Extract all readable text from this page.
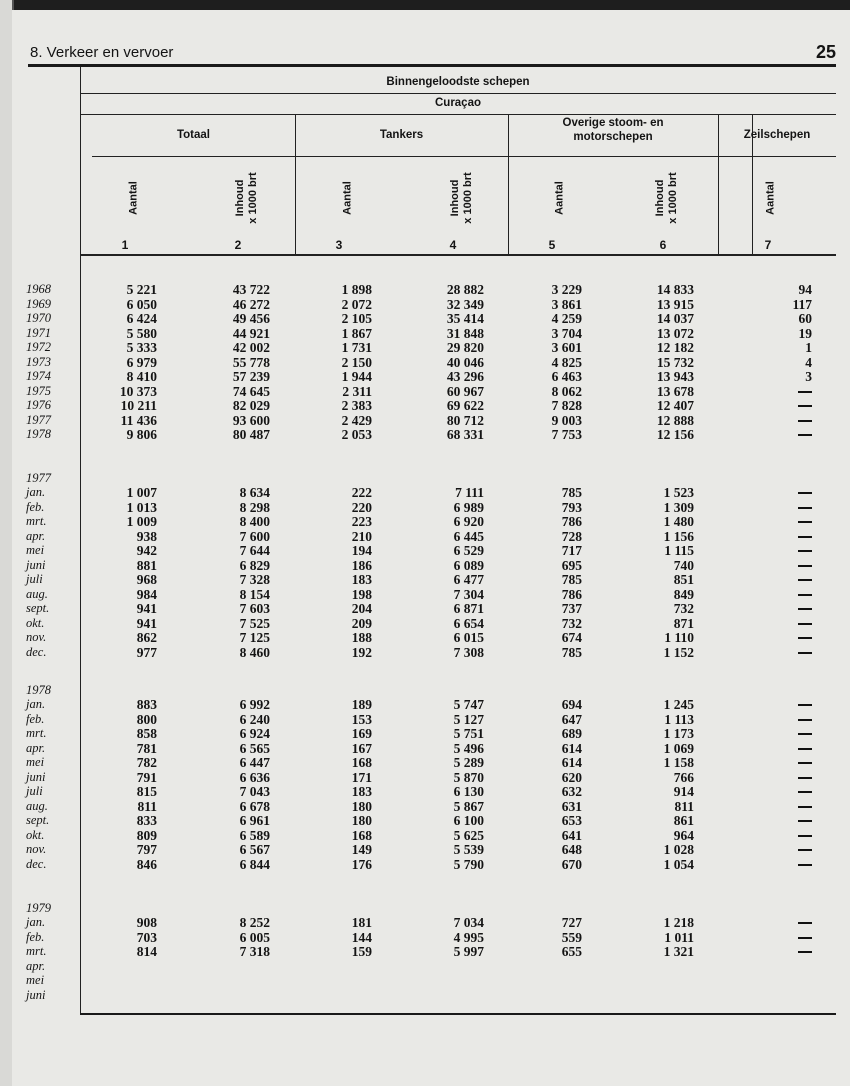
8. Verkeer en vervoer	25
Binnengeloodste schepen
Curaçao
Totaal	Tankers
Overige stoom- en
motorschepen	Zeilschepen
Aantal	Inhoud x 1000 brt	Aantal	Inhoud x 1000 brt	Aantal	Inhoud x 1000 brt	Aantal
1	2	3	4	5	6	7
1968	5 221	43 722	1 898	28 882	3 229	14 833	94
1969	6 050	46 272	2 072	32 349	3 861	13 915	117
1970	6 424	49 456	2 105	35 414	4 259	14 037	60
1971	5 580	44 921	1 867	31 848	3 704	13 072	19
1972	5 333	42 002	1 731	29 820	3 601	12 182	1
1973	6 979	55 778	2 150	40 046	4 825	15 732	4
1974	8 410	57 239	1 944	43 296	6 463	13 943	3
1975	10 373	74 645	2 311	60 967	8 062	13 678
1976	10 211	82 029	2 383	69 622	7 828	12 407
1977	11 436	93 600	2 429	80 712	9 003	12 888
1978	9 806	80 487	2 053	68 331	7 753	12 156
1977
jan.	1 007	8 634	222	7 111	785	1 523
feb.	1 013	8 298	220	6 989	793	1 309
mrt.	1 009	8 400	223	6 920	786	1 480
apr.	938	7 600	210	6 445	728	1 156
mei	942	7 644	194	6 529	717	1 115
juni	881	6 829	186	6 089	695	740
juli	968	7 328	183	6 477	785	851
aug.	984	8 154	198	7 304	786	849
sept.	941	7 603	204	6 871	737	732
okt.	941	7 525	209	6 654	732	871
nov.	862	7 125	188	6 015	674	1 110
dec.	977	8 460	192	7 308	785	1 152
1978
jan.	883	6 992	189	5 747	694	1 245
feb.	800	6 240	153	5 127	647	1 113
mrt.	858	6 924	169	5 751	689	1 173
apr.	781	6 565	167	5 496	614	1 069
mei	782	6 447	168	5 289	614	1 158
juni	791	6 636	171	5 870	620	766
juli	815	7 043	183	6 130	632	914
aug.	811	6 678	180	5 867	631	811
sept.	833	6 961	180	6 100	653	861
okt.	809	6 589	168	5 625	641	964
nov.	797	6 567	149	5 539	648	1 028
dec.	846	6 844	176	5 790	670	1 054
1979
jan.	908	8 252	181	7 034	727	1 218
feb.	703	6 005	144	4 995	559	1 011
mrt.	814	7 318	159	5 997	655	1 321
apr.
mei
juni
